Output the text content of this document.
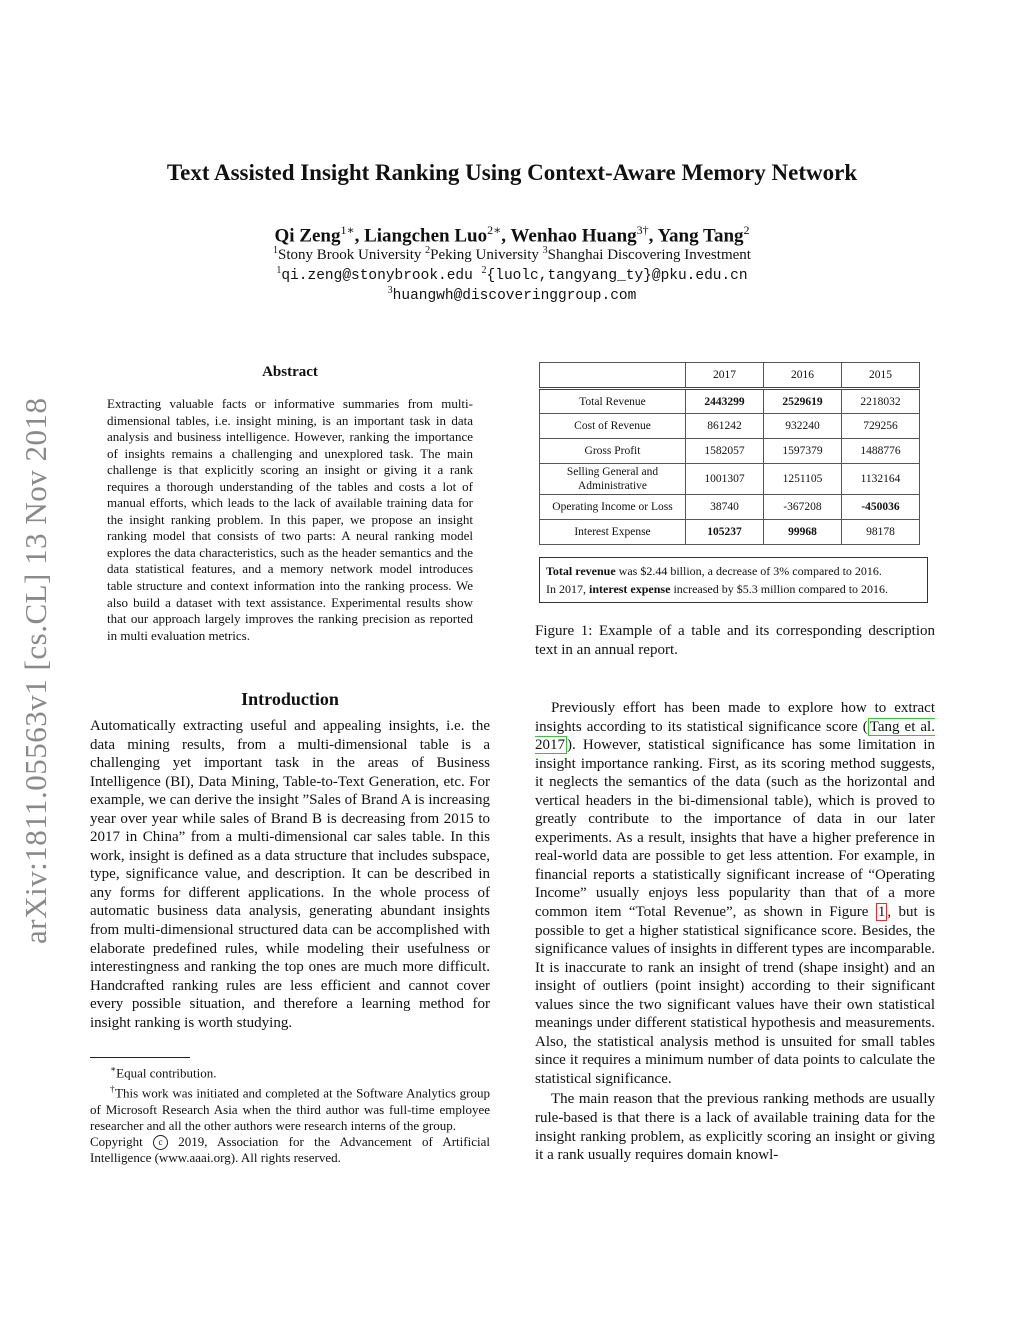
arXiv:1811.05563v1 [cs.CL] 13 Nov 2018
Text Assisted Insight Ranking Using Context-Aware Memory Network
Qi Zeng$^{1∗}$, Liangchen Luo$^{2∗}$, Wenhao Huang$^{3\dagger}$, Yang Tang$^2$
$^1$Stony Brook University $^2$Peking University $^3$Shanghai Discovering Investment
$^1$qi.zeng@stonybrook.edu $^2${luolc,tangyang_ty}@pku.edu.cn
$^3$huangwh@discoveringgroup.com
Abstract
Extracting valuable facts or informative summaries from multi-dimensional tables, i.e. insight mining, is an important task in data analysis and business intelligence. However, ranking the importance of insights remains a challenging and unexplored task. The main challenge is that explicitly scoring an insight or giving it a rank requires a thorough understanding of the tables and costs a lot of manual efforts, which leads to the lack of available training data for the insight ranking problem. In this paper, we propose an insight ranking model that consists of two parts: A neural ranking model explores the data characteristics, such as the header semantics and the data statistical features, and a memory network model introduces table structure and context information into the ranking process. We also build a dataset with text assistance. Experimental results show that our approach largely improves the ranking precision as reported in multi evaluation metrics.
Introduction
Automatically extracting useful and appealing insights, i.e. the data mining results, from a multi-dimensional table is a challenging yet important task in the areas of Business Intelligence (BI), Data Mining, Table-to-Text Generation, etc. For example, we can derive the insight ”Sales of Brand A is increasing year over year while sales of Brand B is decreasing from 2015 to 2017 in China” from a multi-dimensional car sales table. In this work, insight is defined as a data structure that includes subspace, type, significance value, and description. It can be described in any forms for different applications. In the whole process of automatic business data analysis, generating abundant insights from multi-dimensional structured data can be accomplished with elaborate predefined rules, while modeling their usefulness or interestingness and ranking the top ones are much more difficult. Handcrafted ranking rules are less efficient and cannot cover every possible situation, and therefore a learning method for insight ranking is worth studying.

∗Equal contribution.

†This work was initiated and completed at the Software Analytics group of Microsoft Research Asia when the third author was full-time employee researcher and all the other authors were research interns of the group.

Copyright c 2019, Association for the Advancement of Artificial Intelligence (www.aaai.org). All rights reserved.

	2017	2016	2015
Total Revenue	2443299	2529619	2218032
Cost of Revenue	861242	932240	729256
Gross Profit	1582057	1597379	1488776
Selling General and Administrative	1001307	1251105	1132164
Operating Income or Loss	38740	-367208	-450036
Interest Expense	105237	99968	98178
Total revenue was $2.44 billion, a decrease of 3% compared to 2016.
In 2017, interest expense increased by $5.3 million compared to 2016.
Figure 1: Example of a table and its corresponding description text in an annual report.

Previously effort has been made to explore how to extract insights according to its statistical significance score ( Tang et al. 2017 ). However, statistical significance has some limitation in insight importance ranking. First, as its scoring method suggests, it neglects the semantics of the data (such as the horizontal and vertical headers in the bi-dimensional table), which is proved to greatly contribute to the importance of data in our later experiments. As a result, insights that have a higher preference in real-world data are possible to get less attention. For example, in financial reports a statistically significant increase of “Operating Income” usually enjoys less popularity than that of a more common item “Total Revenue”, as shown in Figure 1 , but is possible to get a higher statistical significance score. Besides, the significance values of insights in different types are incomparable. It is inaccurate to rank an insight of trend (shape insight) and an insight of outliers (point insight) according to their significant values since the two significant values have their own statistical meanings under different statistical hypothesis and measurements. Also, the statistical analysis method is unsuited for small tables since it requires a minimum number of data points to calculate the statistical significance.

The main reason that the previous ranking methods are usually rule-based is that there is a lack of available training data for the insight ranking problem, as explicitly scoring an insight or giving it a rank usually requires domain knowl-
